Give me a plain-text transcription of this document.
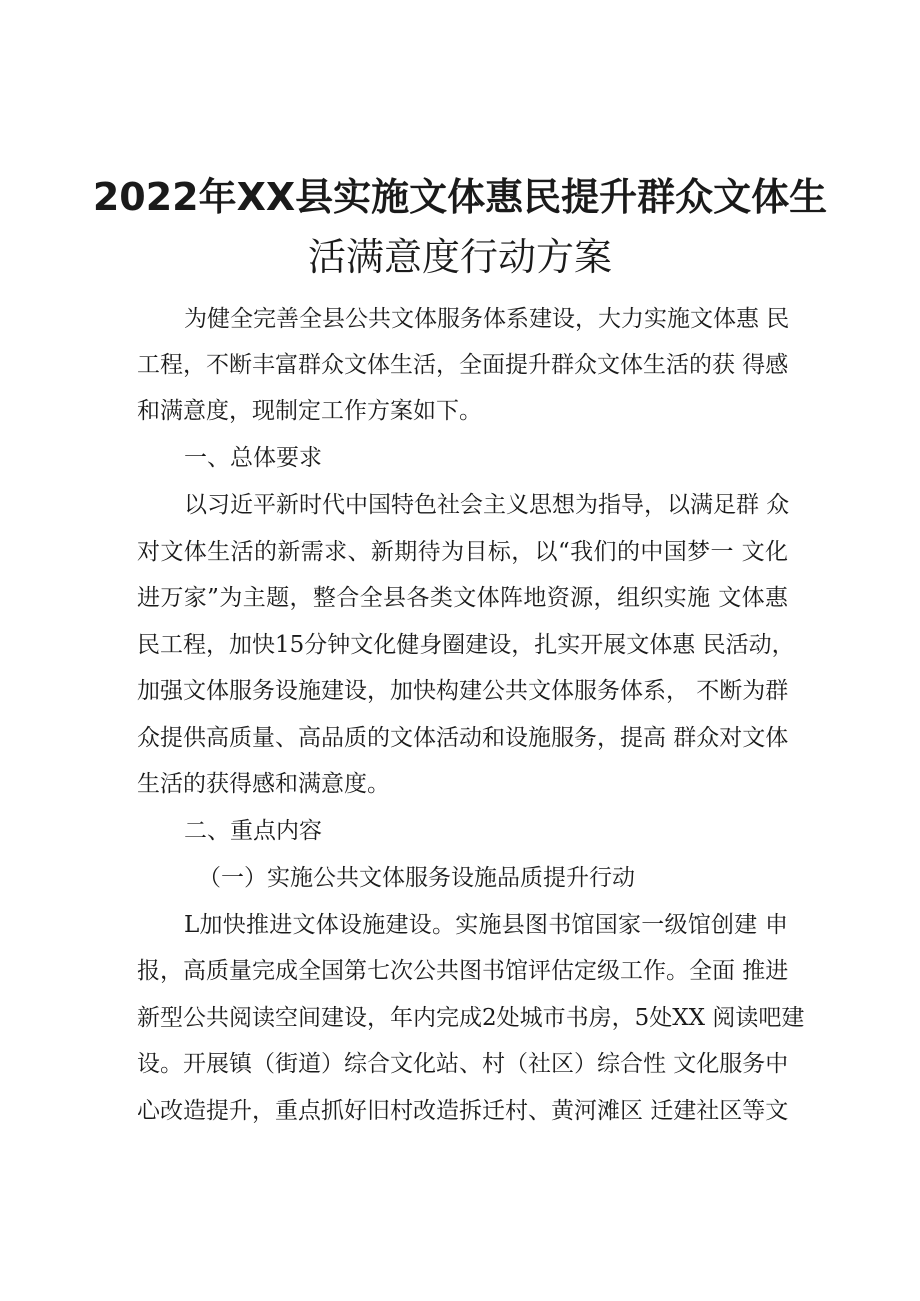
2022年XX县实施文体惠民提升群众文体生
活满意度行动方案
为健全完善全县公共文体服务体系建设，大力实施文体惠 民
工程，不断丰富群众文体生活，全面提升群众文体生活的获 得感
和满意度，现制定工作方案如下。
一、总体要求
以习近平新时代中国特色社会主义思想为指导，以满足群 众
对文体生活的新需求、新期待为目标，以“我们的中国梦一 文化
进万家”为主题，整合全县各类文体阵地资源，组织实施 文体惠
民工程，加快15分钟文化健身圈建设，扎实开展文体惠 民活动，
加强文体服务设施建设，加快构建公共文体服务体系， 不断为群
众提供高质量、高品质的文体活动和设施服务，提高 群众对文体
生活的获得感和满意度。
二、重点内容
（一）实施公共文体服务设施品质提升行动
L加快推进文体设施建设。实施县图书馆国家一级馆创建 申
报，高质量完成全国第七次公共图书馆评估定级工作。全面 推进
新型公共阅读空间建设，年内完成2处城市书房，5处XX 阅读吧建
设。开展镇（街道）综合文化站、村（社区）综合性 文化服务中
心改造提升，重点抓好旧村改造拆迁村、黄河滩区 迁建社区等文
